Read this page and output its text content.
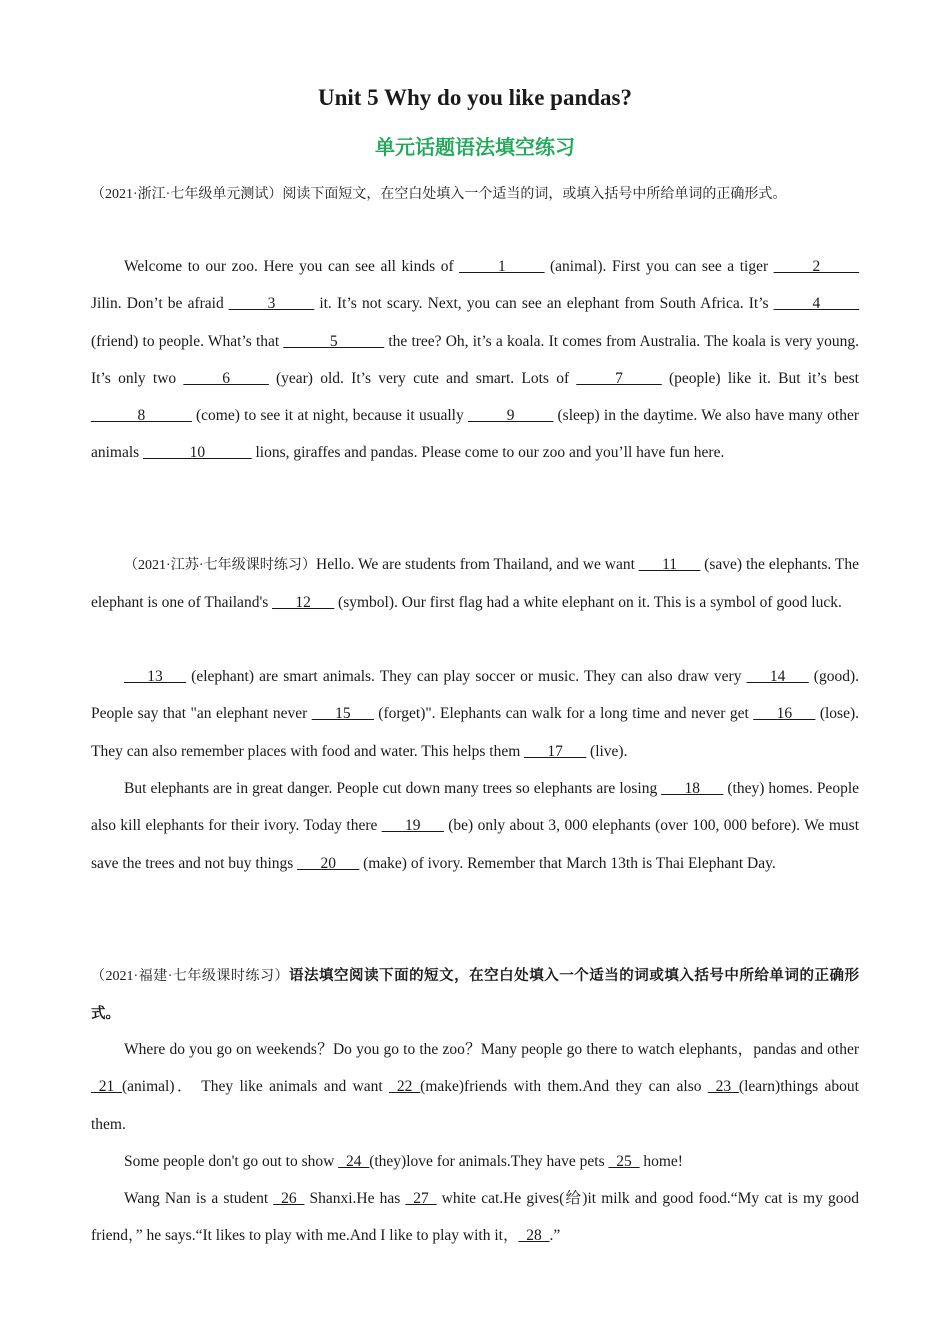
Unit 5 Why do you like pandas?
单元话题语法填空练习

（2021·浙江·七年级单元测试）阅读下面短文，在空白处填入一个适当的词，或填入括号中所给单词的正确形式。

Welcome to our zoo. Here you can see all kinds of _____1_____ (animal). First you can see a tiger _____2_____ Jilin. Don’t be afraid _____3_____ it. It’s not scary. Next, you can see an elephant from South Africa. It’s _____4_____ (friend) to people. What’s that ______5______ the tree? Oh, it’s a koala. It comes from Australia. The koala is very young. It’s only two _____6_____ (year) old. It’s very cute and smart. Lots of _____7_____ (people) like it. But it’s best ______8______ (come) to see it at night, because it usually _____9_____ (sleep) in the daytime. We also have many other animals ______10______ lions, giraffes and pandas. Please come to our zoo and you’ll have fun here.

（2021·江苏·七年级课时练习）Hello. We are students from Thailand, and we want ___11___ (save) the elephants. The elephant is one of Thailand's ___12___ (symbol). Our first flag had a white elephant on it. This is a symbol of good luck.

___13___ (elephant) are smart animals. They can play soccer or music. They can also draw very ___14___ (good). People say that "an elephant never ___15___ (forget)". Elephants can walk for a long time and never get ___16___ (lose). They can also remember places with food and water. This helps them ___17___ (live).

But elephants are in great danger. People cut down many trees so elephants are losing ___18___ (they) homes. People also kill elephants for their ivory. Today there ___19___ (be) only about 3, 000 elephants (over 100, 000 before). We must save the trees and not buy things ___20___ (make) of ivory. Remember that March 13th is Thai Elephant Day.

（2021·福建·七年级课时练习）语法填空阅读下面的短文，在空白处填入一个适当的词或填入括号中所给单词的正确形式。

Where do you go on weekends？Do you go to the zoo？Many people go there to watch elephants，pandas and other _21_(animal)． They like animals and want _22_(make)friends with them.And they can also _23_(learn)things about them.

Some people don't go out to show _24_(they)love for animals.They have pets _25_ home!

Wang Nan is a student _26_ Shanxi.He has _27_ white cat.He gives(给)it milk and good food.“My cat is my good friend，” he says.“It likes to play with me.And I like to play with it，_28_.”
